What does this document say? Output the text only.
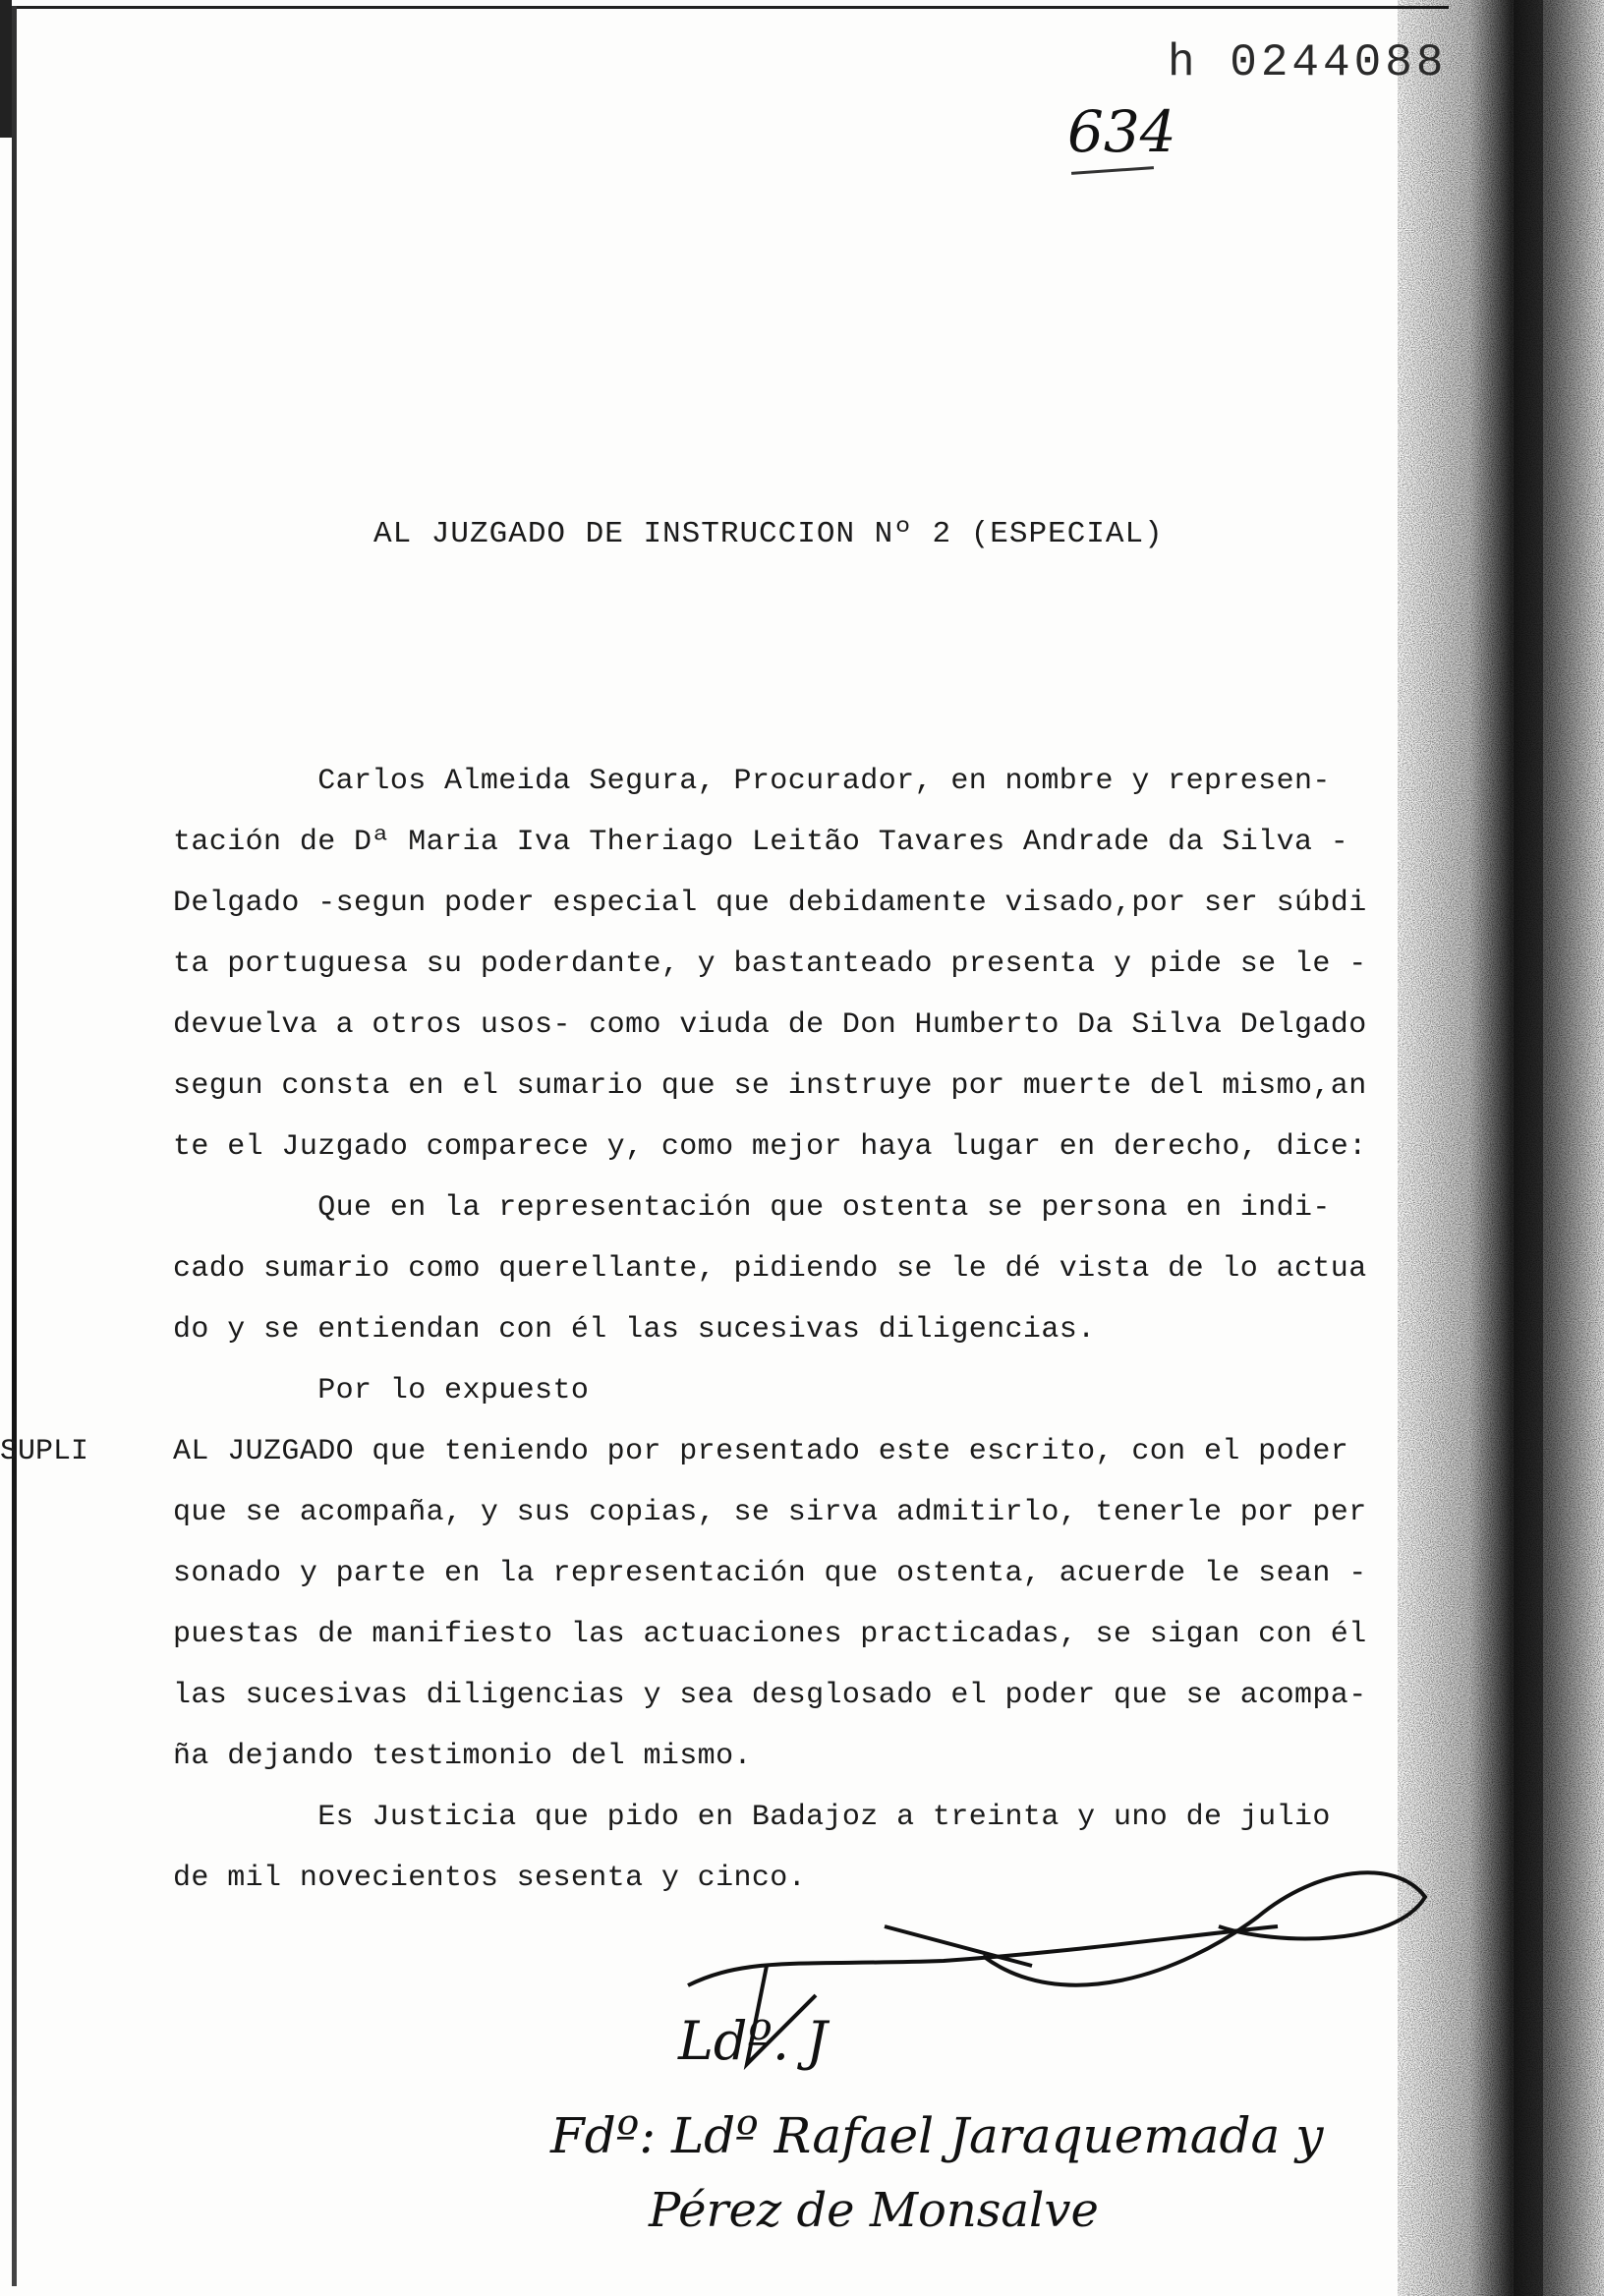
h 0244088
634
AL JUZGADO DE INSTRUCCION Nº 2 (ESPECIAL)
Carlos Almeida Segura, Procurador, en nombre y represen-
tación de Dª Maria Iva Theriago Leitão Tavares Andrade da Silva -
Delgado -segun poder especial que debidamente visado,por ser súbdi
ta portuguesa su poderdante, y bastanteado presenta y pide se le -
devuelva a otros usos- como viuda de Don Humberto Da Silva Delgado
segun consta en el sumario que se instruye por muerte del mismo,an
te el Juzgado comparece y, como mejor haya lugar en derecho, dice:
Que en la representación que ostenta se persona en indi-
cado sumario como querellante, pidiendo se le dé vista de lo actua
do y se entiendan con él las sucesivas diligencias.
Por lo expuesto
AL JUZGADO que teniendo por presentado este escrito, con el poder
que se acompaña, y sus copias, se sirva admitirlo, tenerle por per
sonado y parte en la representación que ostenta, acuerde le sean -
puestas de manifiesto las actuaciones practicadas, se sigan con él
las sucesivas diligencias y sea desglosado el poder que se acompa-
ña dejando testimonio del mismo.
Es Justicia que pido en Badajoz a treinta y uno de julio
de mil novecientos sesenta y cinco.
SUPLI
Ldº. J
Fdº: Ldº Rafael Jaraquemada y
Pérez de Monsalve
